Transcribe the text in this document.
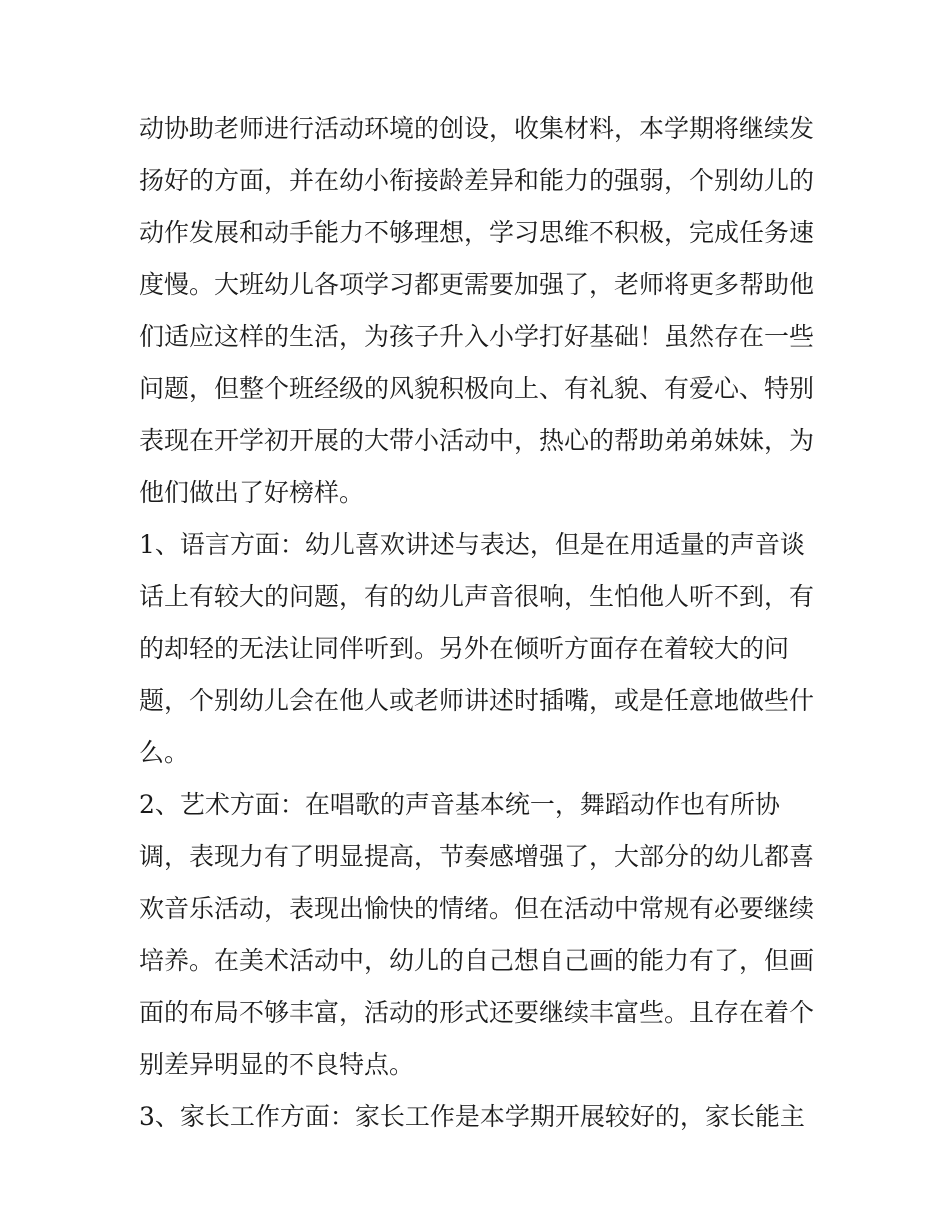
动协助老师进行活动环境的创设，收集材料，本学期将继续发
扬好的方面，并在幼小衔接龄差异和能力的强弱，个别幼儿的
动作发展和动手能力不够理想，学习思维不积极，完成任务速
度慢。大班幼儿各项学习都更需要加强了，老师将更多帮助他
们适应这样的生活，为孩子升入小学打好基础！虽然存在一些
问题，但整个班经级的风貌积极向上、有礼貌、有爱心、特别
表现在开学初开展的大带小活动中，热心的帮助弟弟妹妹，为
他们做出了好榜样。
1、语言方面：幼儿喜欢讲述与表达，但是在用适量的声音谈
话上有较大的问题，有的幼儿声音很响，生怕他人听不到，有
的却轻的无法让同伴听到。另外在倾听方面存在着较大的问
题，个别幼儿会在他人或老师讲述时插嘴，或是任意地做些什
么。
2、艺术方面：在唱歌的声音基本统一，舞蹈动作也有所协
调，表现力有了明显提高，节奏感增强了，大部分的幼儿都喜
欢音乐活动，表现出愉快的情绪。但在活动中常规有必要继续
培养。在美术活动中，幼儿的自己想自己画的能力有了，但画
面的布局不够丰富，活动的形式还要继续丰富些。且存在着个
别差异明显的不良特点。
3、家长工作方面：家长工作是本学期开展较好的，家长能主
